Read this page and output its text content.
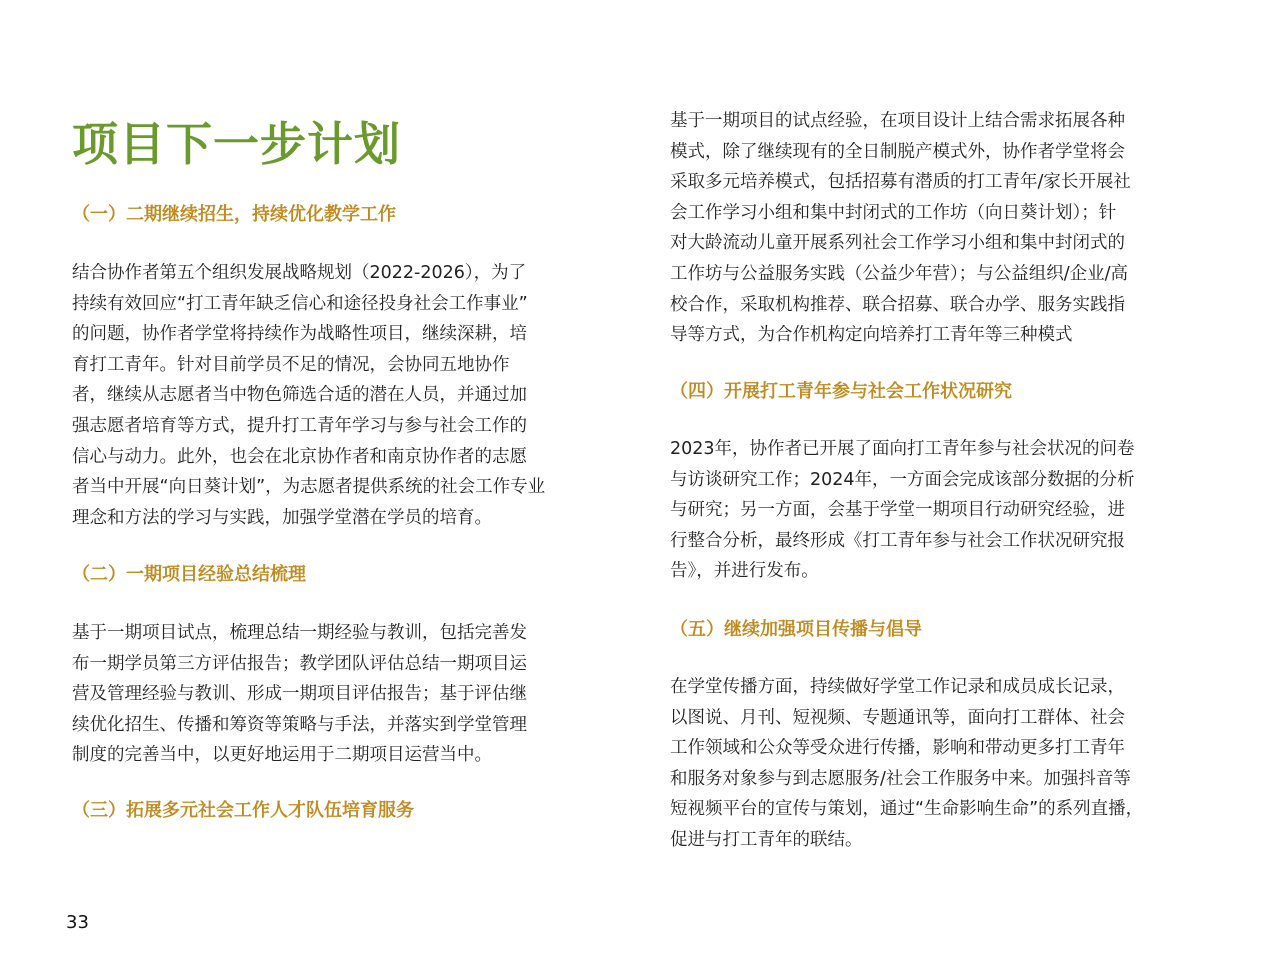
项目下一步计划
（一）二期继续招生，持续优化教学工作
结合协作者第五个组织发展战略规划（2022-2026），为了
持续有效回应“打工青年缺乏信心和途径投身社会工作事业”
的问题，协作者学堂将持续作为战略性项目，继续深耕，培
育打工青年。针对目前学员不足的情况，会协同五地协作
者，继续从志愿者当中物色筛选合适的潜在人员，并通过加
强志愿者培育等方式，提升打工青年学习与参与社会工作的
信心与动力。此外，也会在北京协作者和南京协作者的志愿
者当中开展“向日葵计划”，为志愿者提供系统的社会工作专业
理念和方法的学习与实践，加强学堂潜在学员的培育。
（二）一期项目经验总结梳理
基于一期项目试点，梳理总结一期经验与教训，包括完善发
布一期学员第三方评估报告；教学团队评估总结一期项目运
营及管理经验与教训、形成一期项目评估报告；基于评估继
续优化招生、传播和筹资等策略与手法，并落实到学堂管理
制度的完善当中，以更好地运用于二期项目运营当中。
（三）拓展多元社会工作人才队伍培育服务
基于一期项目的试点经验，在项目设计上结合需求拓展各种
模式，除了继续现有的全日制脱产模式外，协作者学堂将会
采取多元培养模式，包括招募有潜质的打工青年/家长开展社
会工作学习小组和集中封闭式的工作坊（向日葵计划）；针
对大龄流动儿童开展系列社会工作学习小组和集中封闭式的
工作坊与公益服务实践（公益少年营）；与公益组织/企业/高
校合作，采取机构推荐、联合招募、联合办学、服务实践指
导等方式，为合作机构定向培养打工青年等三种模式
（四）开展打工青年参与社会工作状况研究
2023年，协作者已开展了面向打工青年参与社会状况的问卷
与访谈研究工作；2024年，一方面会完成该部分数据的分析
与研究；另一方面，会基于学堂一期项目行动研究经验，进
行整合分析，最终形成《打工青年参与社会工作状况研究报
告》，并进行发布。
（五）继续加强项目传播与倡导
在学堂传播方面，持续做好学堂工作记录和成员成长记录，
以图说、月刊、短视频、专题通讯等，面向打工群体、社会
工作领域和公众等受众进行传播，影响和带动更多打工青年
和服务对象参与到志愿服务/社会工作服务中来。加强抖音等
短视频平台的宣传与策划，通过“生命影响生命”的系列直播，
促进与打工青年的联结。
33
